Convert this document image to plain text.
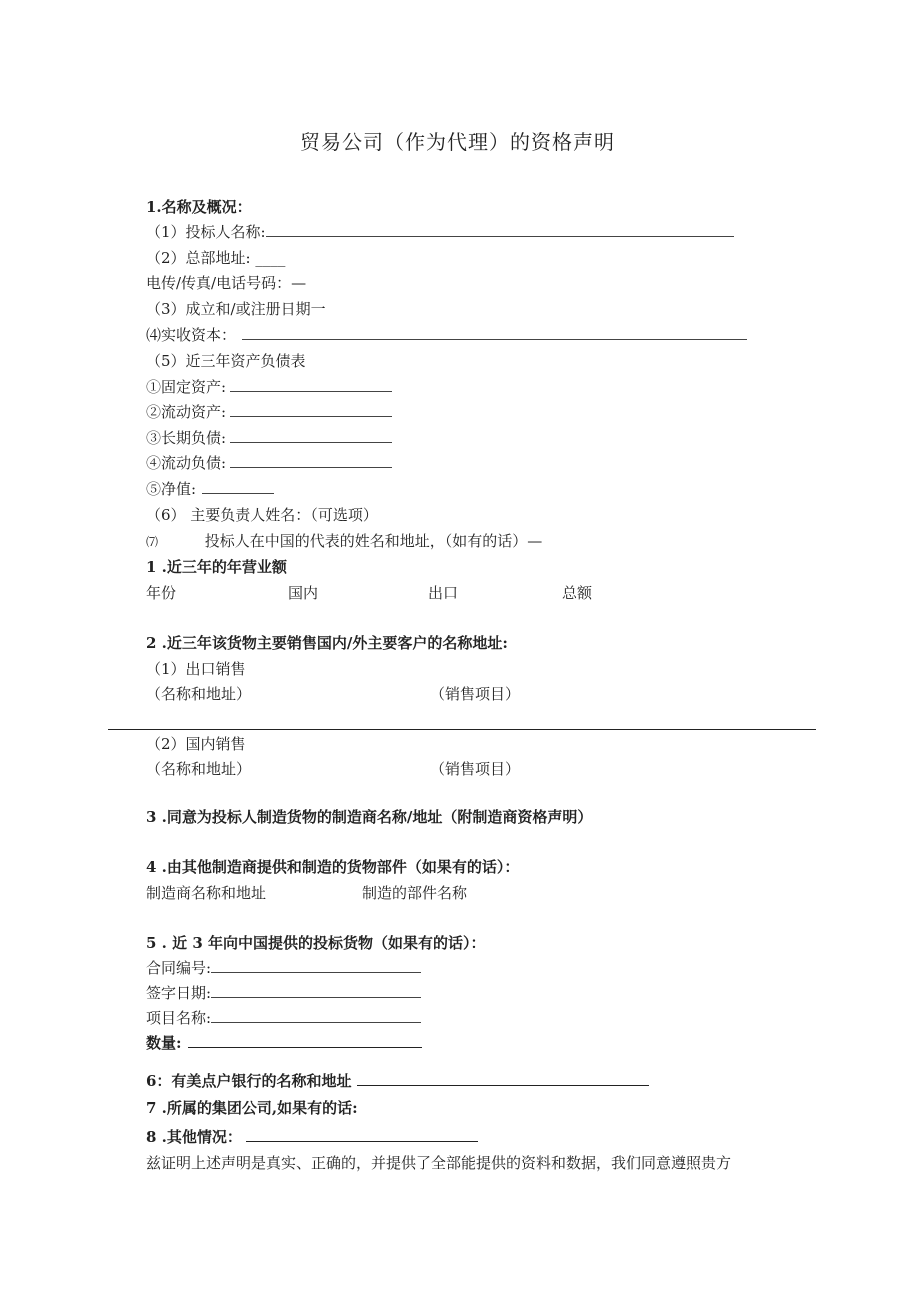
贸易公司（作为代理）的资格声明
1.名称及概况：
（1）投标人名称:
（2）总部地址: ____
电传/传真/电话号码：—
（3）成立和/或注册日期一
⑷实收资本：
（5）近三年资产负债表
①固定资产:
②流动资产:
③长期负债:
④流动负债:
⑤净值:
（6） 主要负责人姓名：（可选项）
⑺	投标人在中国的代表的姓名和地址，（如有的话）—
1 .近三年的年营业额
年份	国内	出口	总额
2 .近三年该货物主要销售国内/外主要客户的名称地址:
（1）出口销售
（名称和地址）	（销售项目）
（2）国内销售
（名称和地址）	（销售项目）
3 .同意为投标人制造货物的制造商名称/地址（附制造商资格声明）
4 .由其他制造商提供和制造的货物部件（如果有的话）：
制造商名称和地址	制造的部件名称
5 . 近 3 年向中国提供的投标货物（如果有的话）：
合同编号:
签字日期:
项目名称:
数量:
6：有美点户银行的名称和地址
7 .所属的集团公司,如果有的话:
8 .其他情况：
兹证明上述声明是真实、正确的，并提供了全部能提供的资料和数据，我们同意遵照贵方
